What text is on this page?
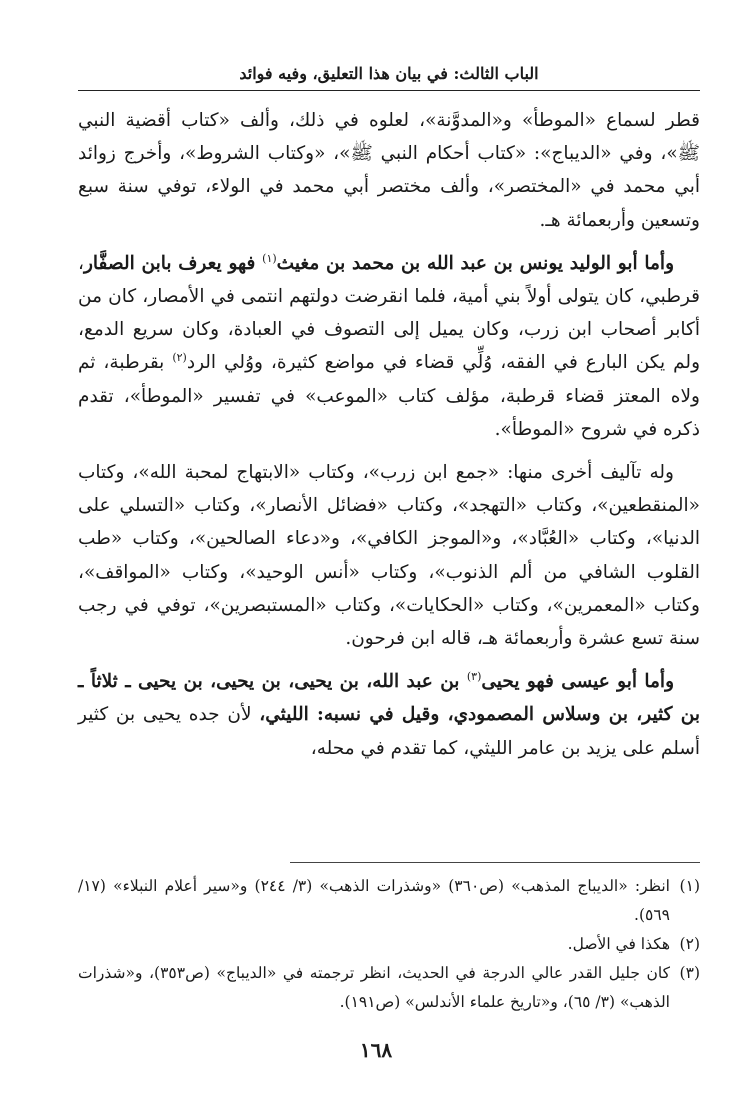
الباب الثالث: في بيان هذا التعليق، وفيه فوائد

قطر لسماع «الموطأ» و«المدوَّنة»، لعلوه في ذلك، وألف «كتاب أقضية النبي ﷺ»، وفي «الديباج»: «كتاب أحكام النبي ﷺ»، «وكتاب الشروط»، وأخرج زوائد أبي محمد في «المختصر»، وألف مختصر أبي محمد في الولاء، توفي سنة سبع وتسعين وأربعمائة هـ.

وأما أبو الوليد يونس بن عبد الله بن محمد بن مغيث$^{(١)}$ فهو يعرف بابن الصفَّار، قرطبي، كان يتولى أولاً بني أمية، فلما انقرضت دولتهم انتمى في الأمصار، كان من أكابر أصحاب ابن زرب، وكان يميل إلى التصوف في العبادة، وكان سريع الدمع، ولم يكن البارع في الفقه، وُلِّي قضاء في مواضع كثيرة، ووُلي الرد$^{(٢)}$ بقرطبة، ثم ولاه المعتز قضاء قرطبة، مؤلف كتاب «الموعب» في تفسير «الموطأ»، تقدم ذكره في شروح «الموطأ».

وله تآليف أخرى منها: «جمع ابن زرب»، وكتاب «الابتهاج لمحبة الله»، وكتاب «المنقطعين»، وكتاب «التهجد»، وكتاب «فضائل الأنصار»، وكتاب «التسلي على الدنيا»، وكتاب «العُبَّاد»، و«الموجز الكافي»، و«دعاء الصالحين»، وكتاب «طب القلوب الشافي من ألم الذنوب»، وكتاب «أنس الوحيد»، وكتاب «المواقف»، وكتاب «المعمرين»، وكتاب «الحكايات»، وكتاب «المستبصرين»، توفي في رجب سنة تسع عشرة وأربعمائة هـ، قاله ابن فرحون.

وأما أبو عيسى فهو يحيى$^{(٣)}$ بن عبد الله، بن يحيى، بن يحيى، بن يحيى ـ ثلاثاً ـ بن كثير، بن وسلاس المصمودي، وقيل في نسبه: الليثي، لأن جده يحيى بن كثير أسلم على يزيد بن عامر الليثي، كما تقدم في محله،

(١)
انظر: «الديباج المذهب» (ص٣٦٠) «وشذرات الذهب» (٣/ ٢٤٤) و«سير أعلام النبلاء» (١٧/ ٥٦٩).
(٢)
هكذا في الأصل.
(٣)
كان جليل القدر عالي الدرجة في الحديث، انظر ترجمته في «الديباج» (ص٣٥٣)، و«شذرات الذهب» (٣/ ٦٥)، و«تاريخ علماء الأندلس» (ص١٩١).
١٦٨
